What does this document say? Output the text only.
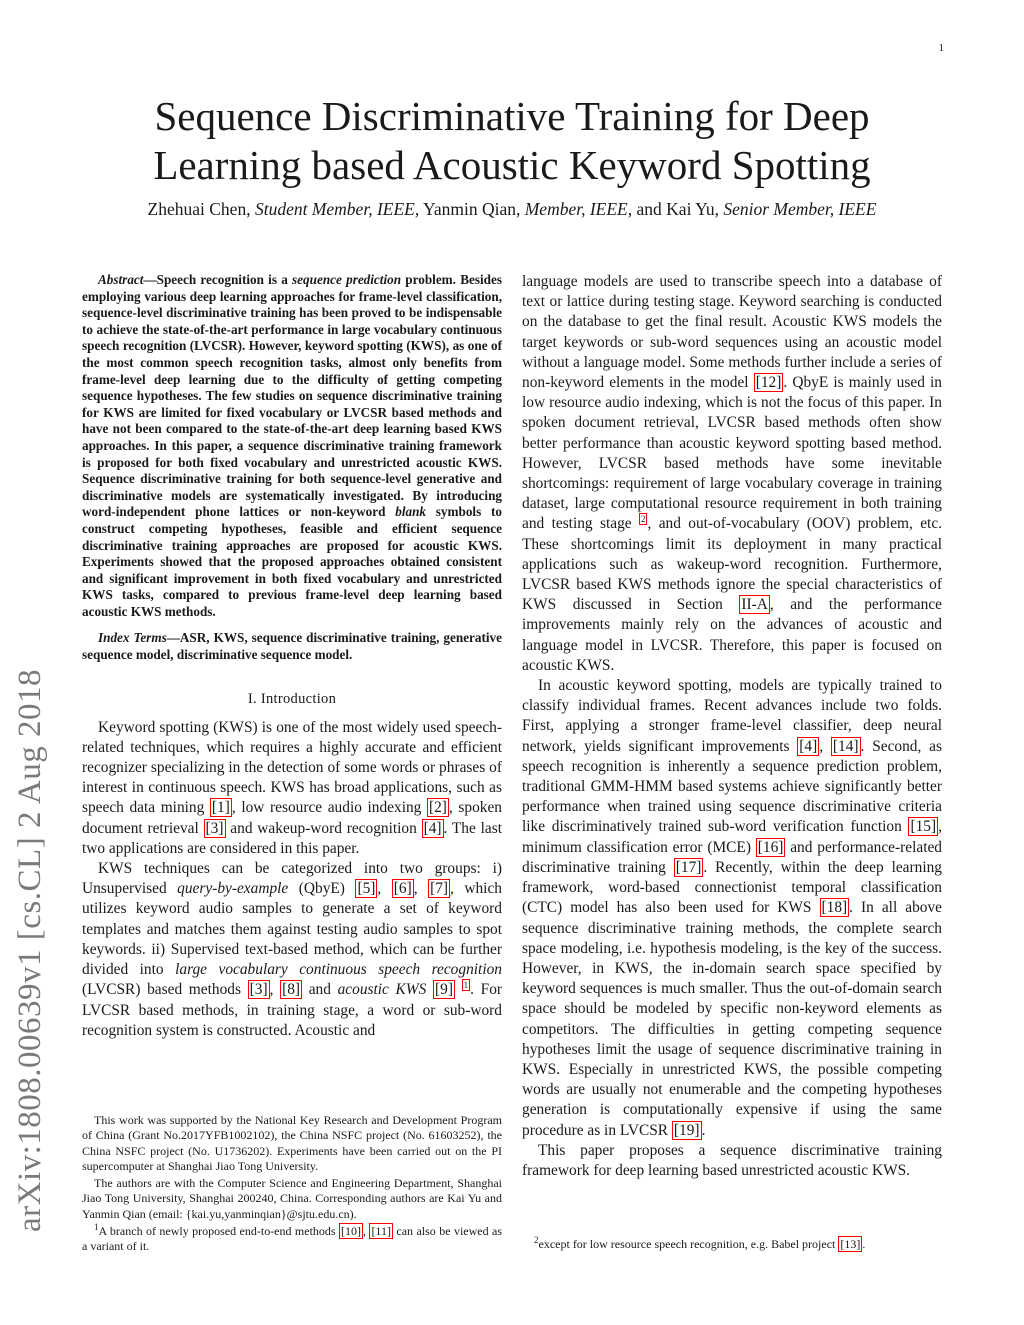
1
arXiv:1808.00639v1 [cs.CL] 2 Aug 2018
Sequence Discriminative Training for Deep
Learning based Acoustic Keyword Spotting
Zhehuai Chen, Student Member, IEEE, Yanmin Qian, Member, IEEE, and Kai Yu, Senior Member, IEEE

Abstract—Speech recognition is a sequence prediction problem. Besides employing various deep learning approaches for frame-level classification, sequence-level discriminative training has been proved to be indispensable to achieve the state-of-the-art performance in large vocabulary continuous speech recognition (LVCSR). However, keyword spotting (KWS), as one of the most common speech recognition tasks, almost only benefits from frame-level deep learning due to the difficulty of getting competing sequence hypotheses. The few studies on sequence discriminative training for KWS are limited for fixed vocabulary or LVCSR based methods and have not been compared to the state-of-the-art deep learning based KWS approaches. In this paper, a sequence discriminative training framework is proposed for both fixed vocabulary and unrestricted acoustic KWS. Sequence discriminative training for both sequence-level generative and discriminative models are systematically investigated. By introducing word-independent phone lattices or non-keyword blank symbols to construct competing hypotheses, feasible and efficient sequence discriminative training approaches are proposed for acoustic KWS. Experiments showed that the proposed approaches obtained consistent and significant improvement in both fixed vocabulary and unrestricted KWS tasks, compared to previous frame-level deep learning based acoustic KWS methods.

Index Terms—ASR, KWS, sequence discriminative training, generative sequence model, discriminative sequence model.

I. Introduction

Keyword spotting (KWS) is one of the most widely used speech-related techniques, which requires a highly accurate and efficient recognizer specializing in the detection of some words or phrases of interest in continuous speech. KWS has broad applications, such as speech data mining [1] , low resource audio indexing [2] , spoken document retrieval [3] and wakeup-word recognition [4] . The last two applications are considered in this paper.

KWS techniques can be categorized into two groups: i) Unsupervised query-by-example (QbyE) [5] , [6] , [7] , which utilizes keyword audio samples to generate a set of keyword templates and matches them against testing audio samples to spot keywords. ii) Supervised text-based method, which can be further divided into large vocabulary continuous speech recognition (LVCSR) based methods [3] , [8] and acoustic KWS [9] $^1$ . For LVCSR based methods, in training stage, a word or sub-word recognition system is constructed. Acoustic and

This work was supported by the National Key Research and Development Program of China (Grant No.2017YFB1002102), the China NSFC project (No. 61603252), the China NSFC project (No. U1736202). Experiments have been carried out on the PI supercomputer at Shanghai Jiao Tong University.

The authors are with the Computer Science and Engineering Department, Shanghai Jiao Tong University, Shanghai 200240, China. Corresponding authors are Kai Yu and Yanmin Qian (email: {kai.yu,yanminqian}@sjtu.edu.cn).

$^1$A branch of newly proposed end-to-end methods [10] , [11] can also be viewed as a variant of it.

language models are used to transcribe speech into a database of text or lattice during testing stage. Keyword searching is conducted on the database to get the final result. Acoustic KWS models the target keywords or sub-word sequences using an acoustic model without a language model. Some methods further include a series of non-keyword elements in the model [12] . QbyE is mainly used in low resource audio indexing, which is not the focus of this paper. In spoken document retrieval, LVCSR based methods often show better performance than acoustic keyword spotting based method. However, LVCSR based methods have some inevitable shortcomings: requirement of large vocabulary coverage in training dataset, large computational resource requirement in both training and testing stage $^2$ , and out-of-vocabulary (OOV) problem, etc. These shortcomings limit its deployment in many practical applications such as wakeup-word recognition. Furthermore, LVCSR based KWS methods ignore the special characteristics of KWS discussed in Section II-A , and the performance improvements mainly rely on the advances of acoustic and language model in LVCSR. Therefore, this paper is focused on acoustic KWS.

In acoustic keyword spotting, models are typically trained to classify individual frames. Recent advances include two folds. First, applying a stronger frame-level classifier, deep neural network, yields significant improvements [4] , [14] . Second, as speech recognition is inherently a sequence prediction problem, traditional GMM-HMM based systems achieve significantly better performance when trained using sequence discriminative criteria like discriminatively trained sub-word verification function [15] , minimum classification error (MCE) [16] and performance-related discriminative training [17] . Recently, within the deep learning framework, word-based connectionist temporal classification (CTC) model has also been used for KWS [18] . In all above sequence discriminative training methods, the complete search space modeling, i.e. hypothesis modeling, is the key of the success. However, in KWS, the in-domain search space specified by keyword sequences is much smaller. Thus the out-of-domain search space should be modeled by specific non-keyword elements as competitors. The difficulties in getting competing sequence hypotheses limit the usage of sequence discriminative training in KWS. Especially in unrestricted KWS, the possible competing words are usually not enumerable and the competing hypotheses generation is computationally expensive if using the same procedure as in LVCSR [19] .

This paper proposes a sequence discriminative training framework for deep learning based unrestricted acoustic KWS.

$^2$except for low resource speech recognition, e.g. Babel project [13] .
